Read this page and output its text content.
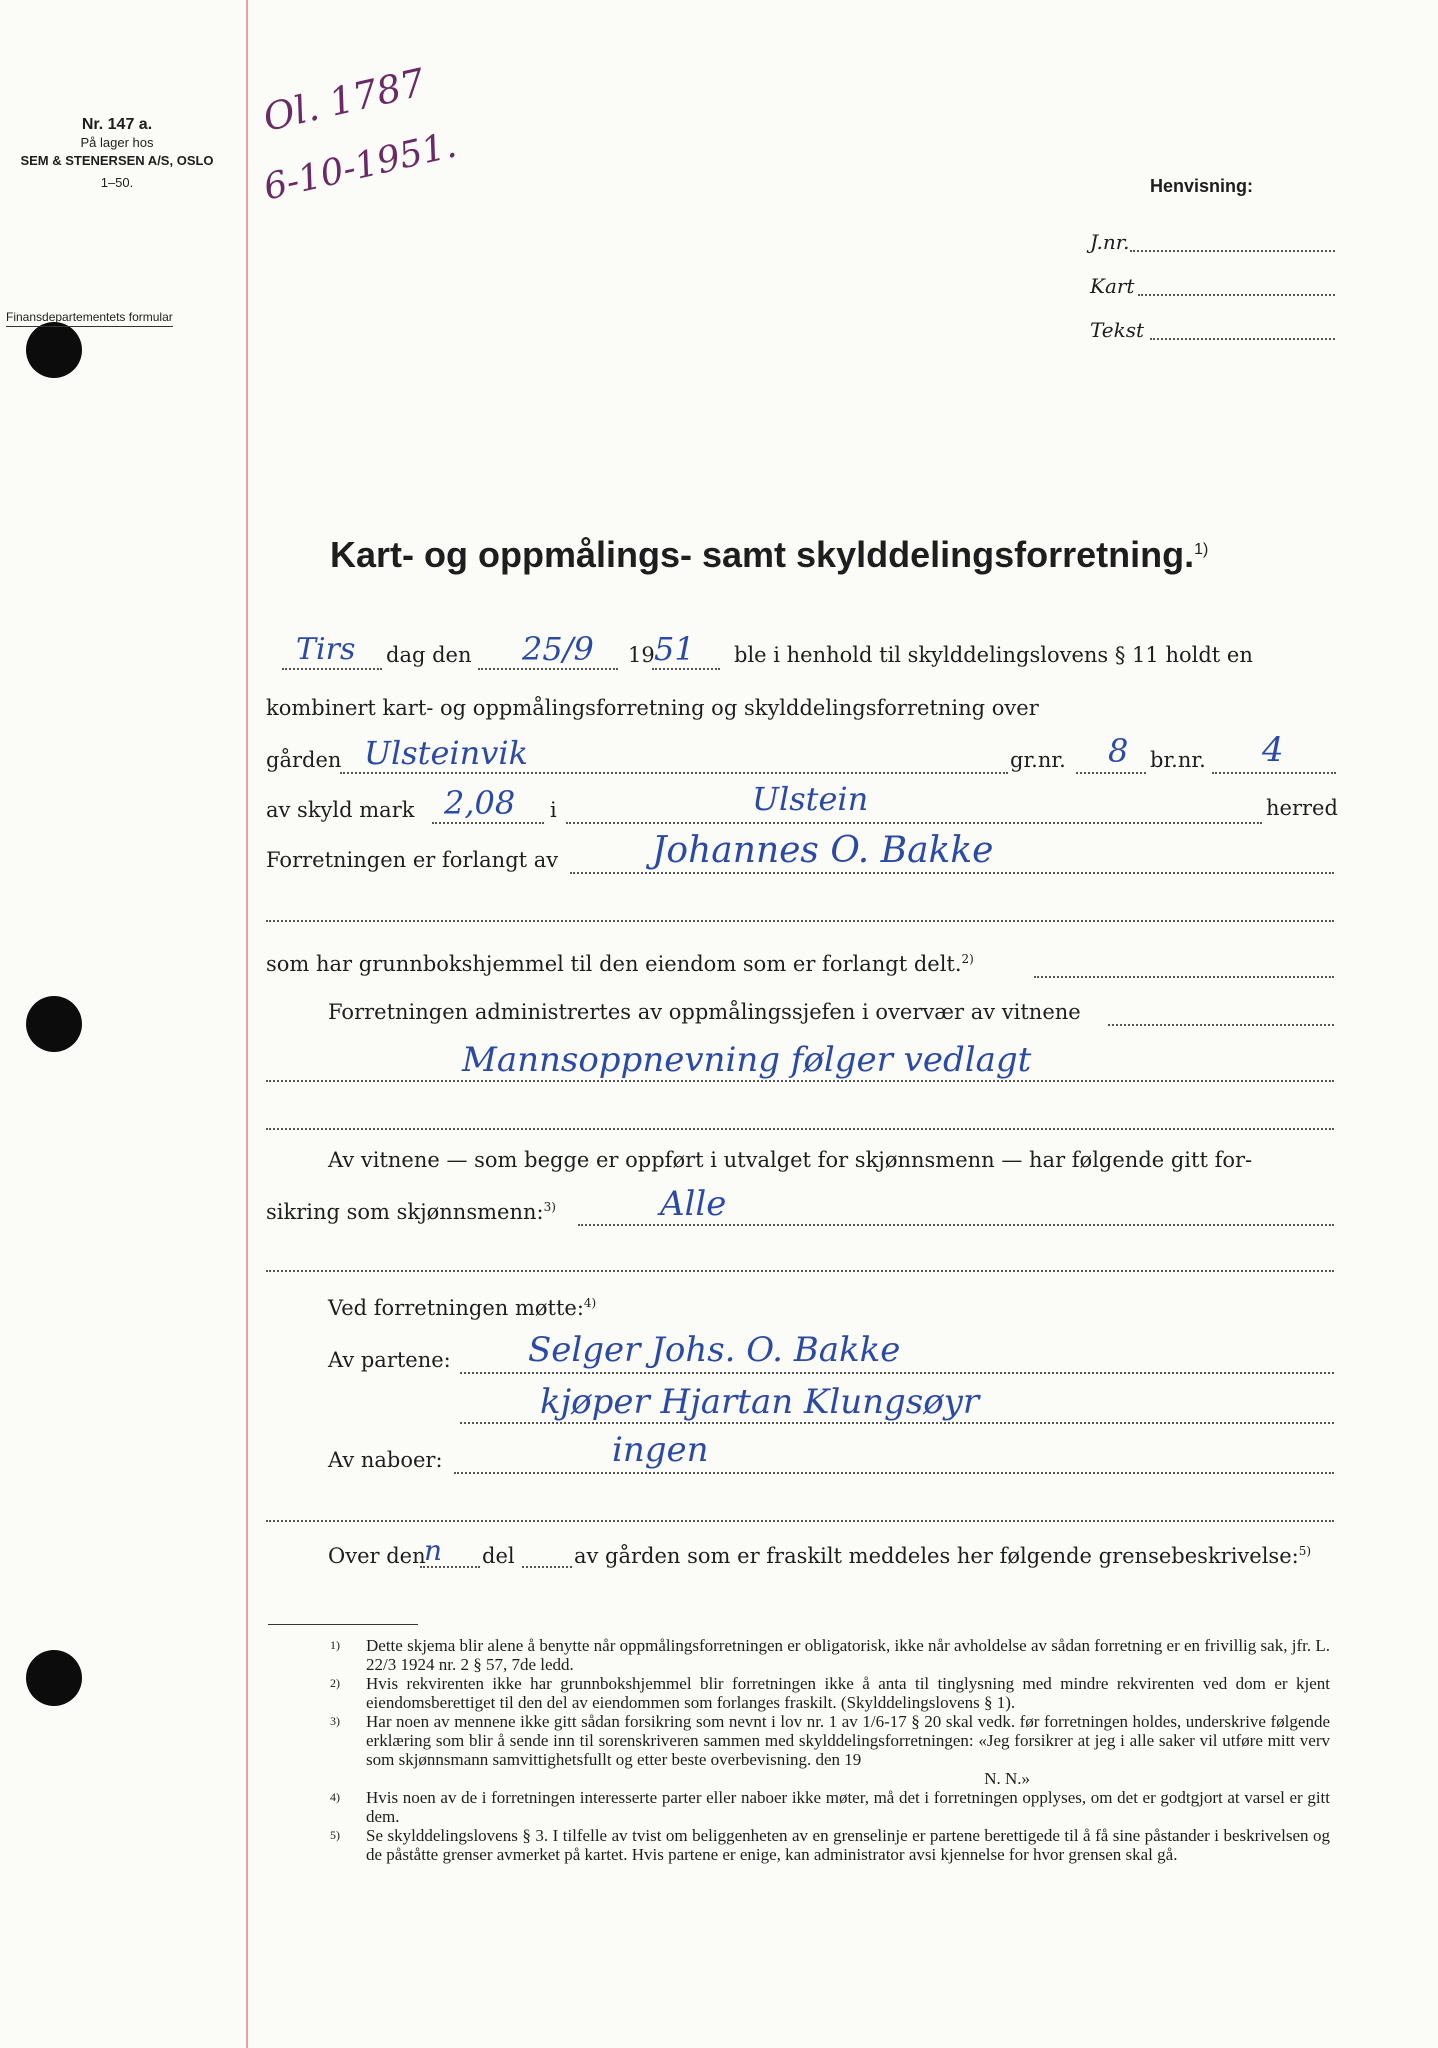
Nr. 147 a.
På lager hos
SEM & STENERSEN A/S, OSLO
1–50.
Finansdepartementets formular
Ol. 1787
6-10-1951.	Henvisning:
J.nr.
Kart
Tekst
Kart- og oppmålings- samt skylddelingsforretning.$^{1)}$
Tirs dag den 25/9 19 51 ble i henhold til skylddelingslovens § 11 holdt en
kombinert kart- og oppmålingsforretning og skylddelingsforretning over
gården Ulsteinvik	gr.nr. 8 br.nr. 4
av skyld mark 2,08 i	Ulstein	herred
Forretningen er forlangt av	Johannes O. Bakke
som har grunnbokshjemmel til den eiendom som er forlangt delt.$^{2)}$
Forretningen administrertes av oppmålingssjefen i overvær av vitnene
Mannsoppnevning følger vedlagt
Av vitnene — som begge er oppført i utvalget for skjønnsmenn — har følgende gitt for-
sikring som skjønnsmenn:$^{3)}$	Alle
Ved forretningen møtte:$^{4)}$
Av partene: Selger Johs. O. Bakke
kjøper Hjartan Klungsøyr
Av naboer:	ingen
Over den
n del	av gården som er fraskilt meddeles her følgende grensebeskrivelse:$^{5)}$
1)	Dette skjema blir alene å benytte når oppmålingsforretningen er obligatorisk, ikke når avholdelse av sådan forretning er en frivillig sak, jfr. L. 22/3 1924 nr. 2 § 57, 7de ledd.
2)	Hvis rekvirenten ikke har grunnbokshjemmel blir forretningen ikke å anta til tinglysning med mindre rekvirenten ved dom er kjent eiendomsberettiget til den del av eiendommen som forlanges fraskilt. (Skylddelingslovens § 1).
3)	Har noen av mennene ikke gitt sådan forsikring som nevnt i lov nr. 1 av 1/6-17 § 20 skal vedk. før forretningen holdes, underskrive følgende erklæring som blir å sende inn til sorenskriveren sammen med skylddelingsforretningen: «Jeg forsikrer at jeg i alle saker vil utføre mitt verv som skjønnsmann samvittighetsfullt og etter beste overbevisning. den 19
N. N.»
4)	Hvis noen av de i forretningen interesserte parter eller naboer ikke møter, må det i forretningen opplyses, om det er godtgjort at varsel er gitt dem.
5)	Se skylddelingslovens § 3. I tilfelle av tvist om beliggenheten av en grenselinje er partene berettigede til å få sine påstander i beskrivelsen og de påståtte grenser avmerket på kartet. Hvis partene er enige, kan administrator avsi kjennelse for hvor grensen skal gå.
